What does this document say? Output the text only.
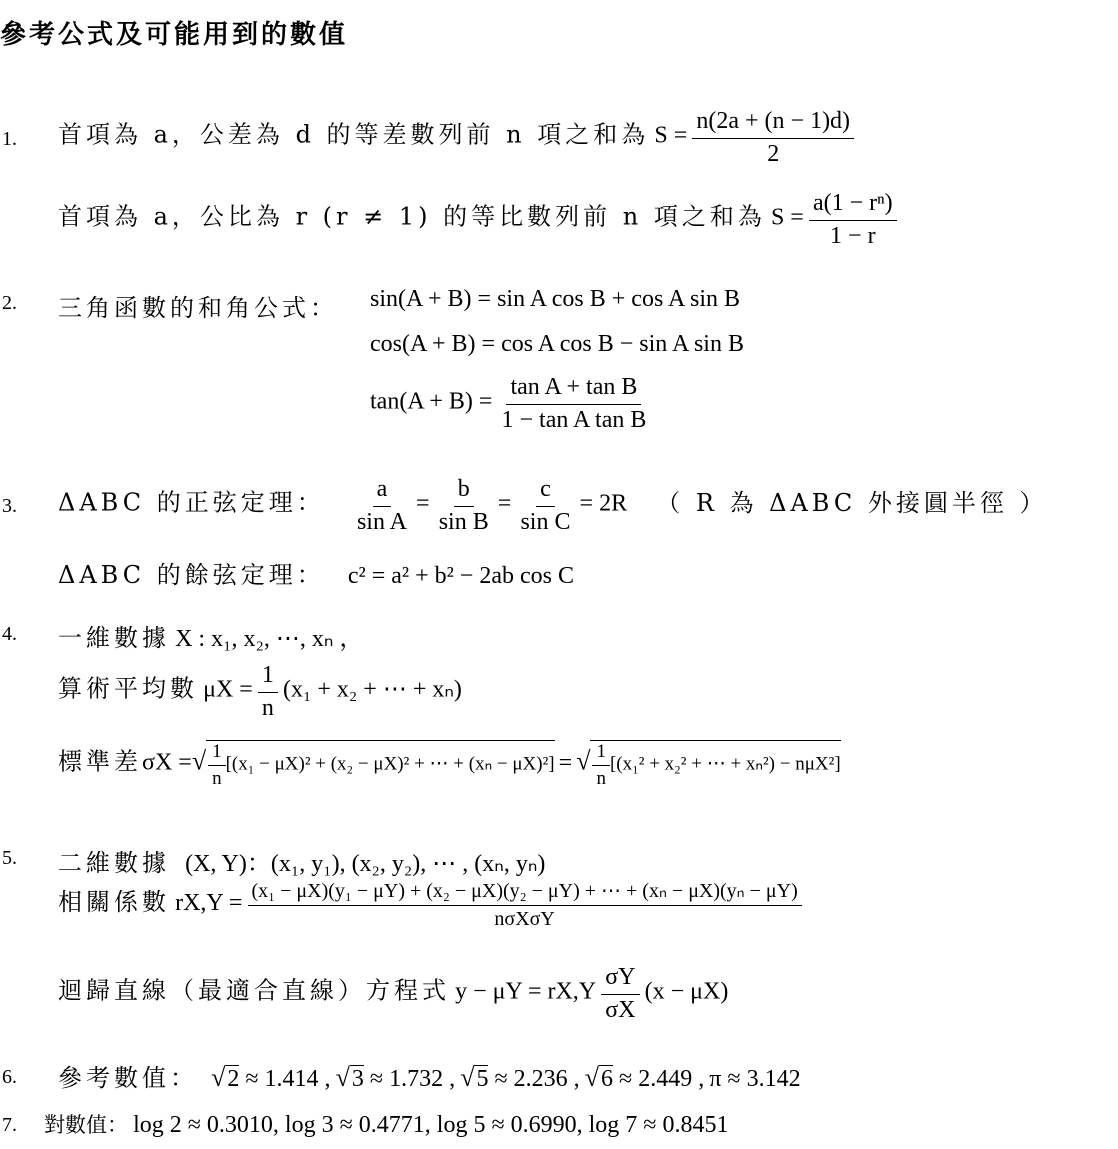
參考公式及可能用到的數值
1. 首項為 a，公差為 d 的等差數列前 n 項之和為 $S = \frac{n(2a + (n - 1)d)}{2}$
首項為 a，公比為 r (r ≠ 1) 的等比數列前 n 項之和為 $S = \frac{\text{a(1 − rⁿ)}}{1 - r}$
2. 三角函數的和角公式： sin(A + B) = sin A cos B + cos A sin B
cos(A + B) = cos A cos B − sin A sin B
$\tan(A + B) = \frac{\text{tan A + tan B}}{\text{1 − tan A tan B}}$
3. ΔABC 的正弦定理： $\frac{a}{\text{sin A}} = \frac{b}{\text{sin B}} = \frac{c}{\text{sin C}} = 2R$ （ R 為 ΔABC 外接圓半徑 ）
ΔABC 的餘弦定理： c² = a² + b² − 2ab cos C
4. 一維數據 X : x₁, x₂, ⋯, xₙ ，
算術平均數 $\mu X = \frac{1}{n} (x_1 + x_2$ + ⋯ + xₙ)
標準差 σX = √ $\frac{1}{n} [(x_1 - \mu X)^2 + (x_2 - \mu X)^2$ + ⋯ + (xₙ − μX)²] = √ $\frac{1}{n} [(x_1^2 + x_2^2$ + ⋯ + xₙ²) − nμX²]
5. 二維數據 (X, Y)：(x₁, y₁), (x₂, y₂), ⋯ , (xₙ, yₙ)
相關係數 rX,Y = (x₁ − μX)(y₁ − μY) + (x₂ − μX)(y₂ − μY) + ⋯ + (xₙ − μX)(yₙ − μY)
nσXσY
迴歸直線（最適合直線）方程式 $y - \mu Y = rX,Y \frac{\sigma Y}{\sigma X} (x - \mu X)$
6. 參考數值： √2 ≈ 1.414 , √3 ≈ 1.732 , √5 ≈ 2.236 , √6 ≈ 2.449 , π ≈ 3.142
7. 對數值： log 2 ≈ 0.3010, log 3 ≈ 0.4771, log 5 ≈ 0.6990, log 7 ≈ 0.8451
